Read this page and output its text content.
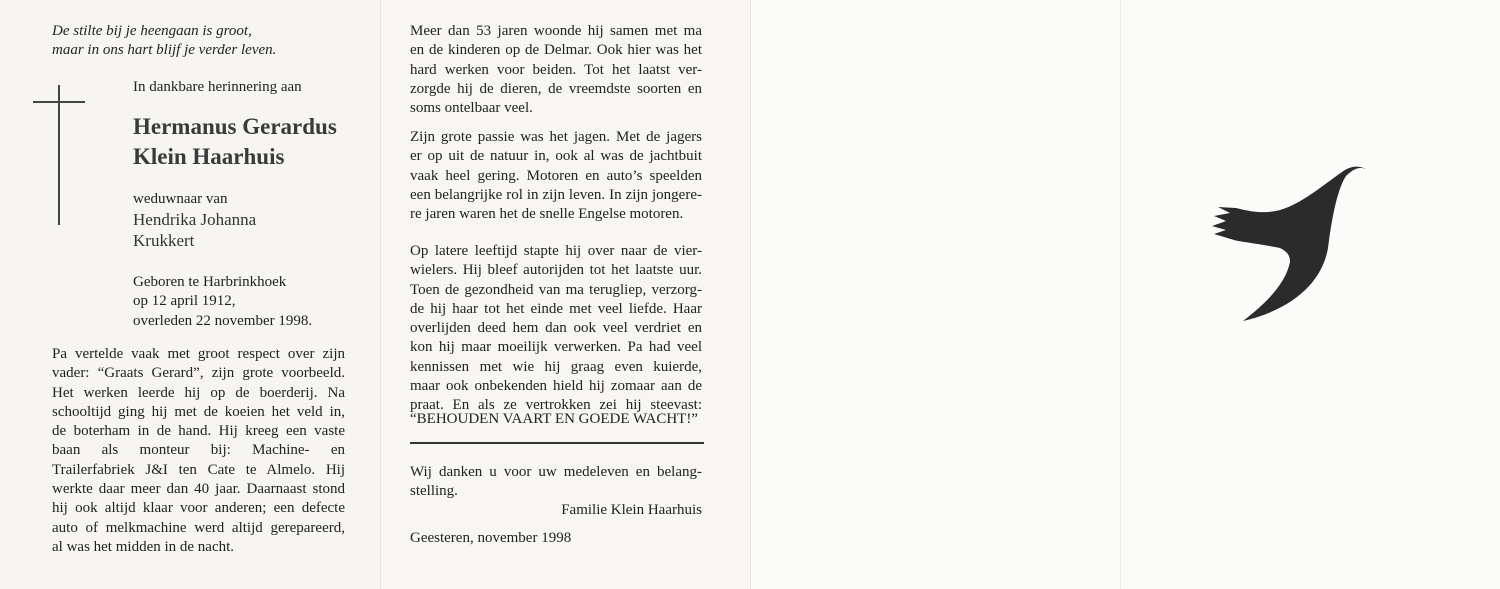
De stilte bij je heengaan is groot,
maar in ons hart blijf je verder leven.
In dankbare herinnering aan
Hermanus Gerardus
Klein Haarhuis
weduwnaar van
Hendrika Johanna
Krukkert
Geboren te Harbrinkhoek
op 12 april 1912,
overleden 22 november 1998.
Pa vertelde vaak met groot respect over zijn
vader: “Graats Gerard”, zijn grote voorbeeld.
Het werken leerde hij op de boerderij. Na
schooltijd ging hij met de koeien het veld in,
de boterham in de hand. Hij kreeg een vaste
baan als monteur bij: Machine- en
Trailerfabriek J&I ten Cate te Almelo. Hij
werkte daar meer dan 40 jaar. Daarnaast stond
hij ook altijd klaar voor anderen; een defecte
auto of melkmachine werd altijd gerepareerd,
al was het midden in de nacht.
Meer dan 53 jaren woonde hij samen met ma
en de kinderen op de Delmar. Ook hier was het
hard werken voor beiden. Tot het laatst ver-
zorgde hij de dieren, de vreemdste soorten en
soms ontelbaar veel.
Zijn grote passie was het jagen. Met de jagers
er op uit de natuur in, ook al was de jachtbuit
vaak heel gering. Motoren en auto’s speelden
een belangrijke rol in zijn leven. In zijn jongere-
re jaren waren het de snelle Engelse motoren.
Op latere leeftijd stapte hij over naar de vier-
wielers. Hij bleef autorijden tot het laatste uur.
Toen de gezondheid van ma terugliep, verzorg-
de hij haar tot het einde met veel liefde. Haar
overlijden deed hem dan ook veel verdriet en
kon hij maar moeilijk verwerken. Pa had veel
kennissen met wie hij graag even kuierde,
maar ook onbekenden hield hij zomaar aan de
praat. En als ze vertrokken zei hij steevast:
“BEHOUDEN VAART EN GOEDE WACHT!”
Wij danken u voor uw medeleven en belang-
stelling.
Familie Klein Haarhuis
Geesteren, november 1998
